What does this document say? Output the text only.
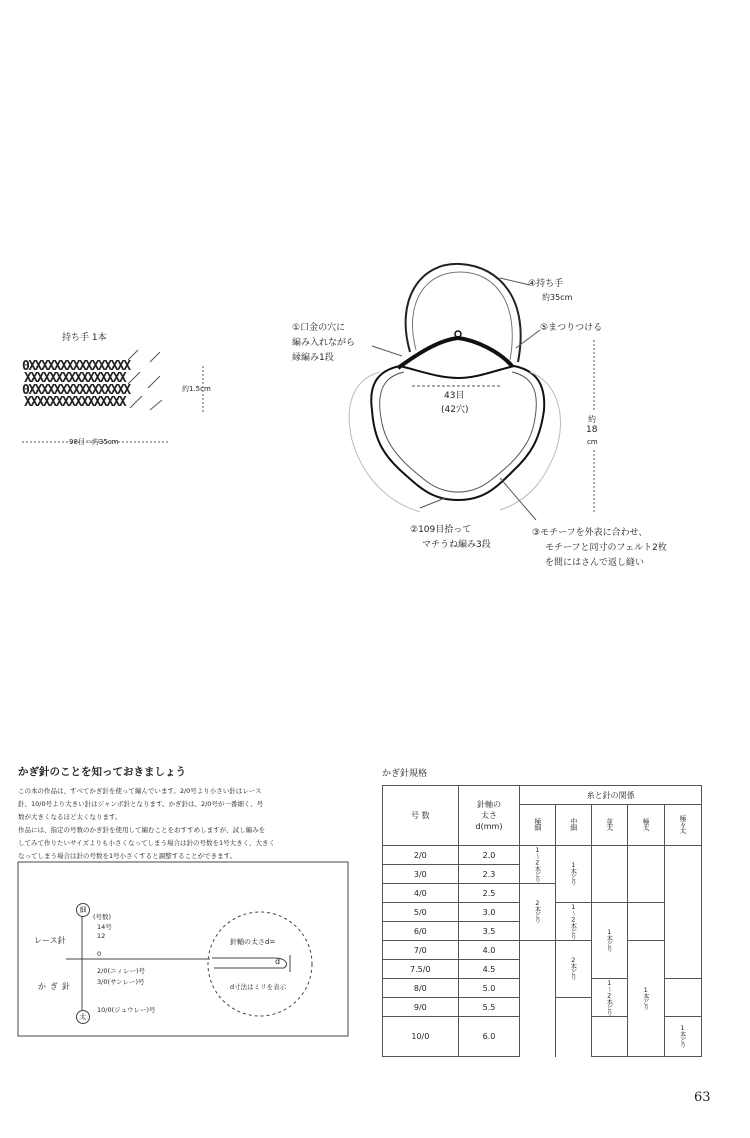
持ち手 1本
0XXXXXXXXXXXXXXXX
XXXXXXXXXXXXXXXX
0XXXXXXXXXXXXXXXX
XXXXXXXXXXXXXXXX
約1.5cm
98目＝約35cm
①口金の穴に
編み入れながら
縁編み1段
④持ち手
約35cm
⑤まつりつける
43目
(42穴)
約
18
cm
②109目拾って
マチうね編み3段
③モチーフを外表に合わせ、
モチーフと同寸のフェルト2枚
を間にはさんで返し縫い
かぎ針のことを知っておきましょう
この本の作品は、すべてかぎ針を使って編んでいます。2/0号より小さい針はレース
針、10/0号より大きい針はジャンボ針となります。かぎ針は、2/0号が一番細く、号
数が大きくなるほど太くなります。
作品には、指定の号数のかぎ針を使用して編むことをおすすめしますが、試し編みを
してみて作りたいサイズよりも小さくなってしまう場合は針の号数を1号大きく、大きく
なってしまう場合は針の号数を1号小さくすると調整することができます。
細
太
レース針
かぎ針
(号数)
14号
12
0
2/0(ニィレー)号
3/0(サンレー)号
10/0(ジュウレー)号
針軸の太さd=
d
d寸法はミリを表示
かぎ針規格
号 数	針軸の
太さ
d(mm)	糸と針の関係				
		極細	中細	並太	極太	極々太

2/0	2.0	1〜2本どり	1本どり			
3/0	2.3					
4/0	2.5	2本どり				
5/0	3.0		1〜2本どり	1本どり		
6/0	3.5					
7/0	4.0		2本どり		1本どり	
7.5/0	4.5					
8/0	5.0			1〜2本どり		
9/0	5.5					
10/0	6.0					1本どり
63
